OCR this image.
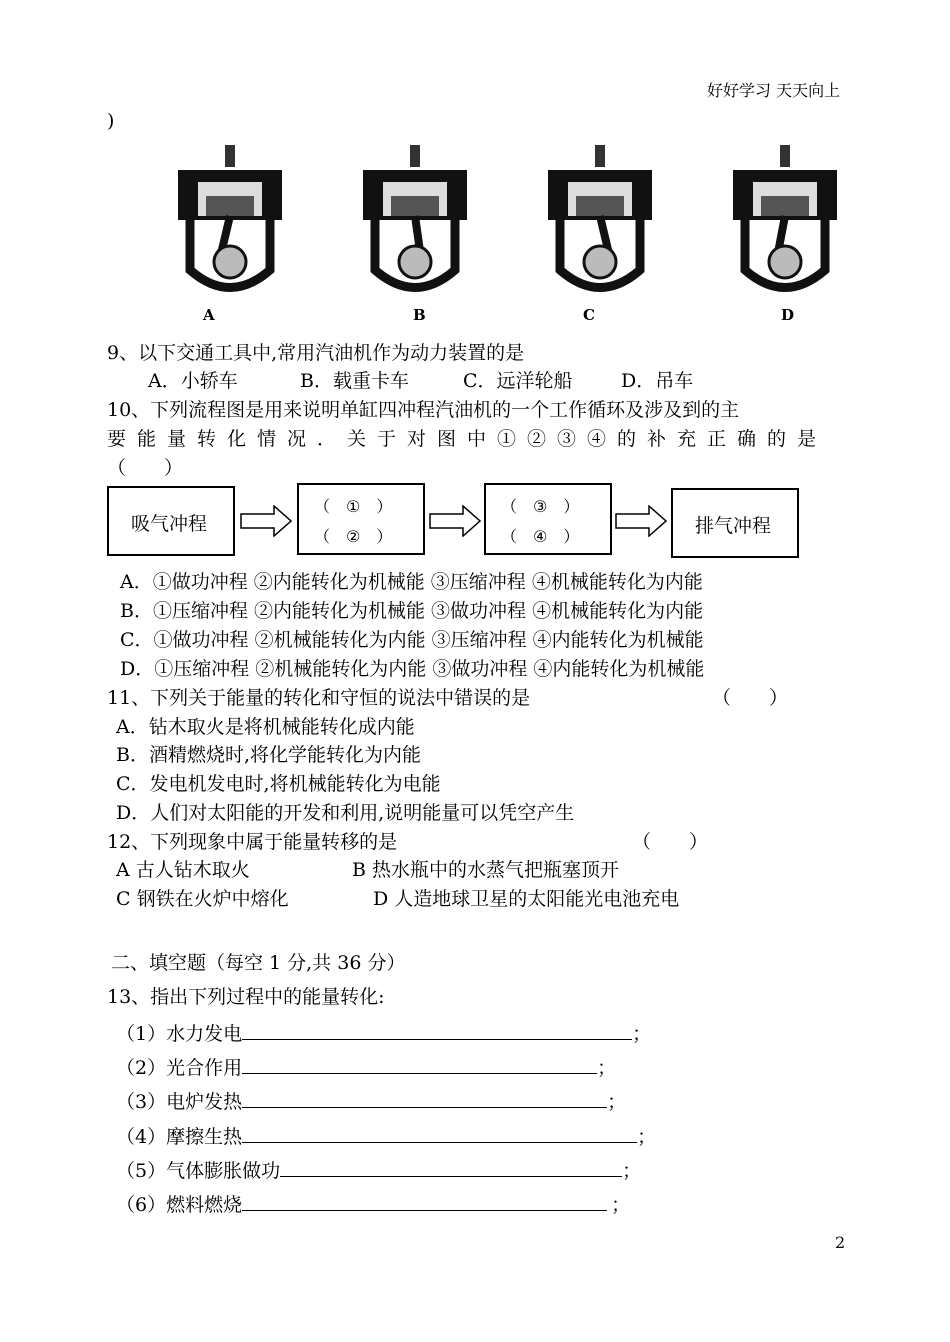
好好学习 天天向上
2
)
A	B	C	D
9、以下交通工具中,常用汽油机作为动力装置的是
A．小轿车	B．载重卡车	C．远洋轮船	D．吊车
10、下列流程图是用来说明单缸四冲程汽油机的一个工作循环及涉及到的主
要能量转化情况．关于对图中①②③④的补充正确的是
（　　）
吸气冲程
（　①　）
（　②　）
（　③　）
（　④　）	排气冲程
A．①做功冲程 ②内能转化为机械能 ③压缩冲程 ④机械能转化为内能
B．①压缩冲程 ②内能转化为机械能 ③做功冲程 ④机械能转化为内能
C．①做功冲程 ②机械能转化为内能 ③压缩冲程 ④内能转化为机械能
D．①压缩冲程 ②机械能转化为内能 ③做功冲程 ④内能转化为机械能
11、下列关于能量的转化和守恒的说法中错误的是	（　　）
A．钻木取火是将机械能转化成内能
B．酒精燃烧时,将化学能转化为内能
C．发电机发电时,将机械能转化为电能
D．人们对太阳能的开发和利用,说明能量可以凭空产生
12、下列现象中属于能量转移的是	（　　）
A 古人钻木取火	B 热水瓶中的水蒸气把瓶塞顶开
C 钢铁在火炉中熔化	D 人造地球卫星的太阳能光电池充电
二、填空题（每空 1 分,共 36 分）
13、指出下列过程中的能量转化:
（1）水力发电	；
（2）光合作用	；
（3）电炉发热	；
（4）摩擦生热	；
（5）气体膨胀做功	；
（6）燃料燃烧	；
